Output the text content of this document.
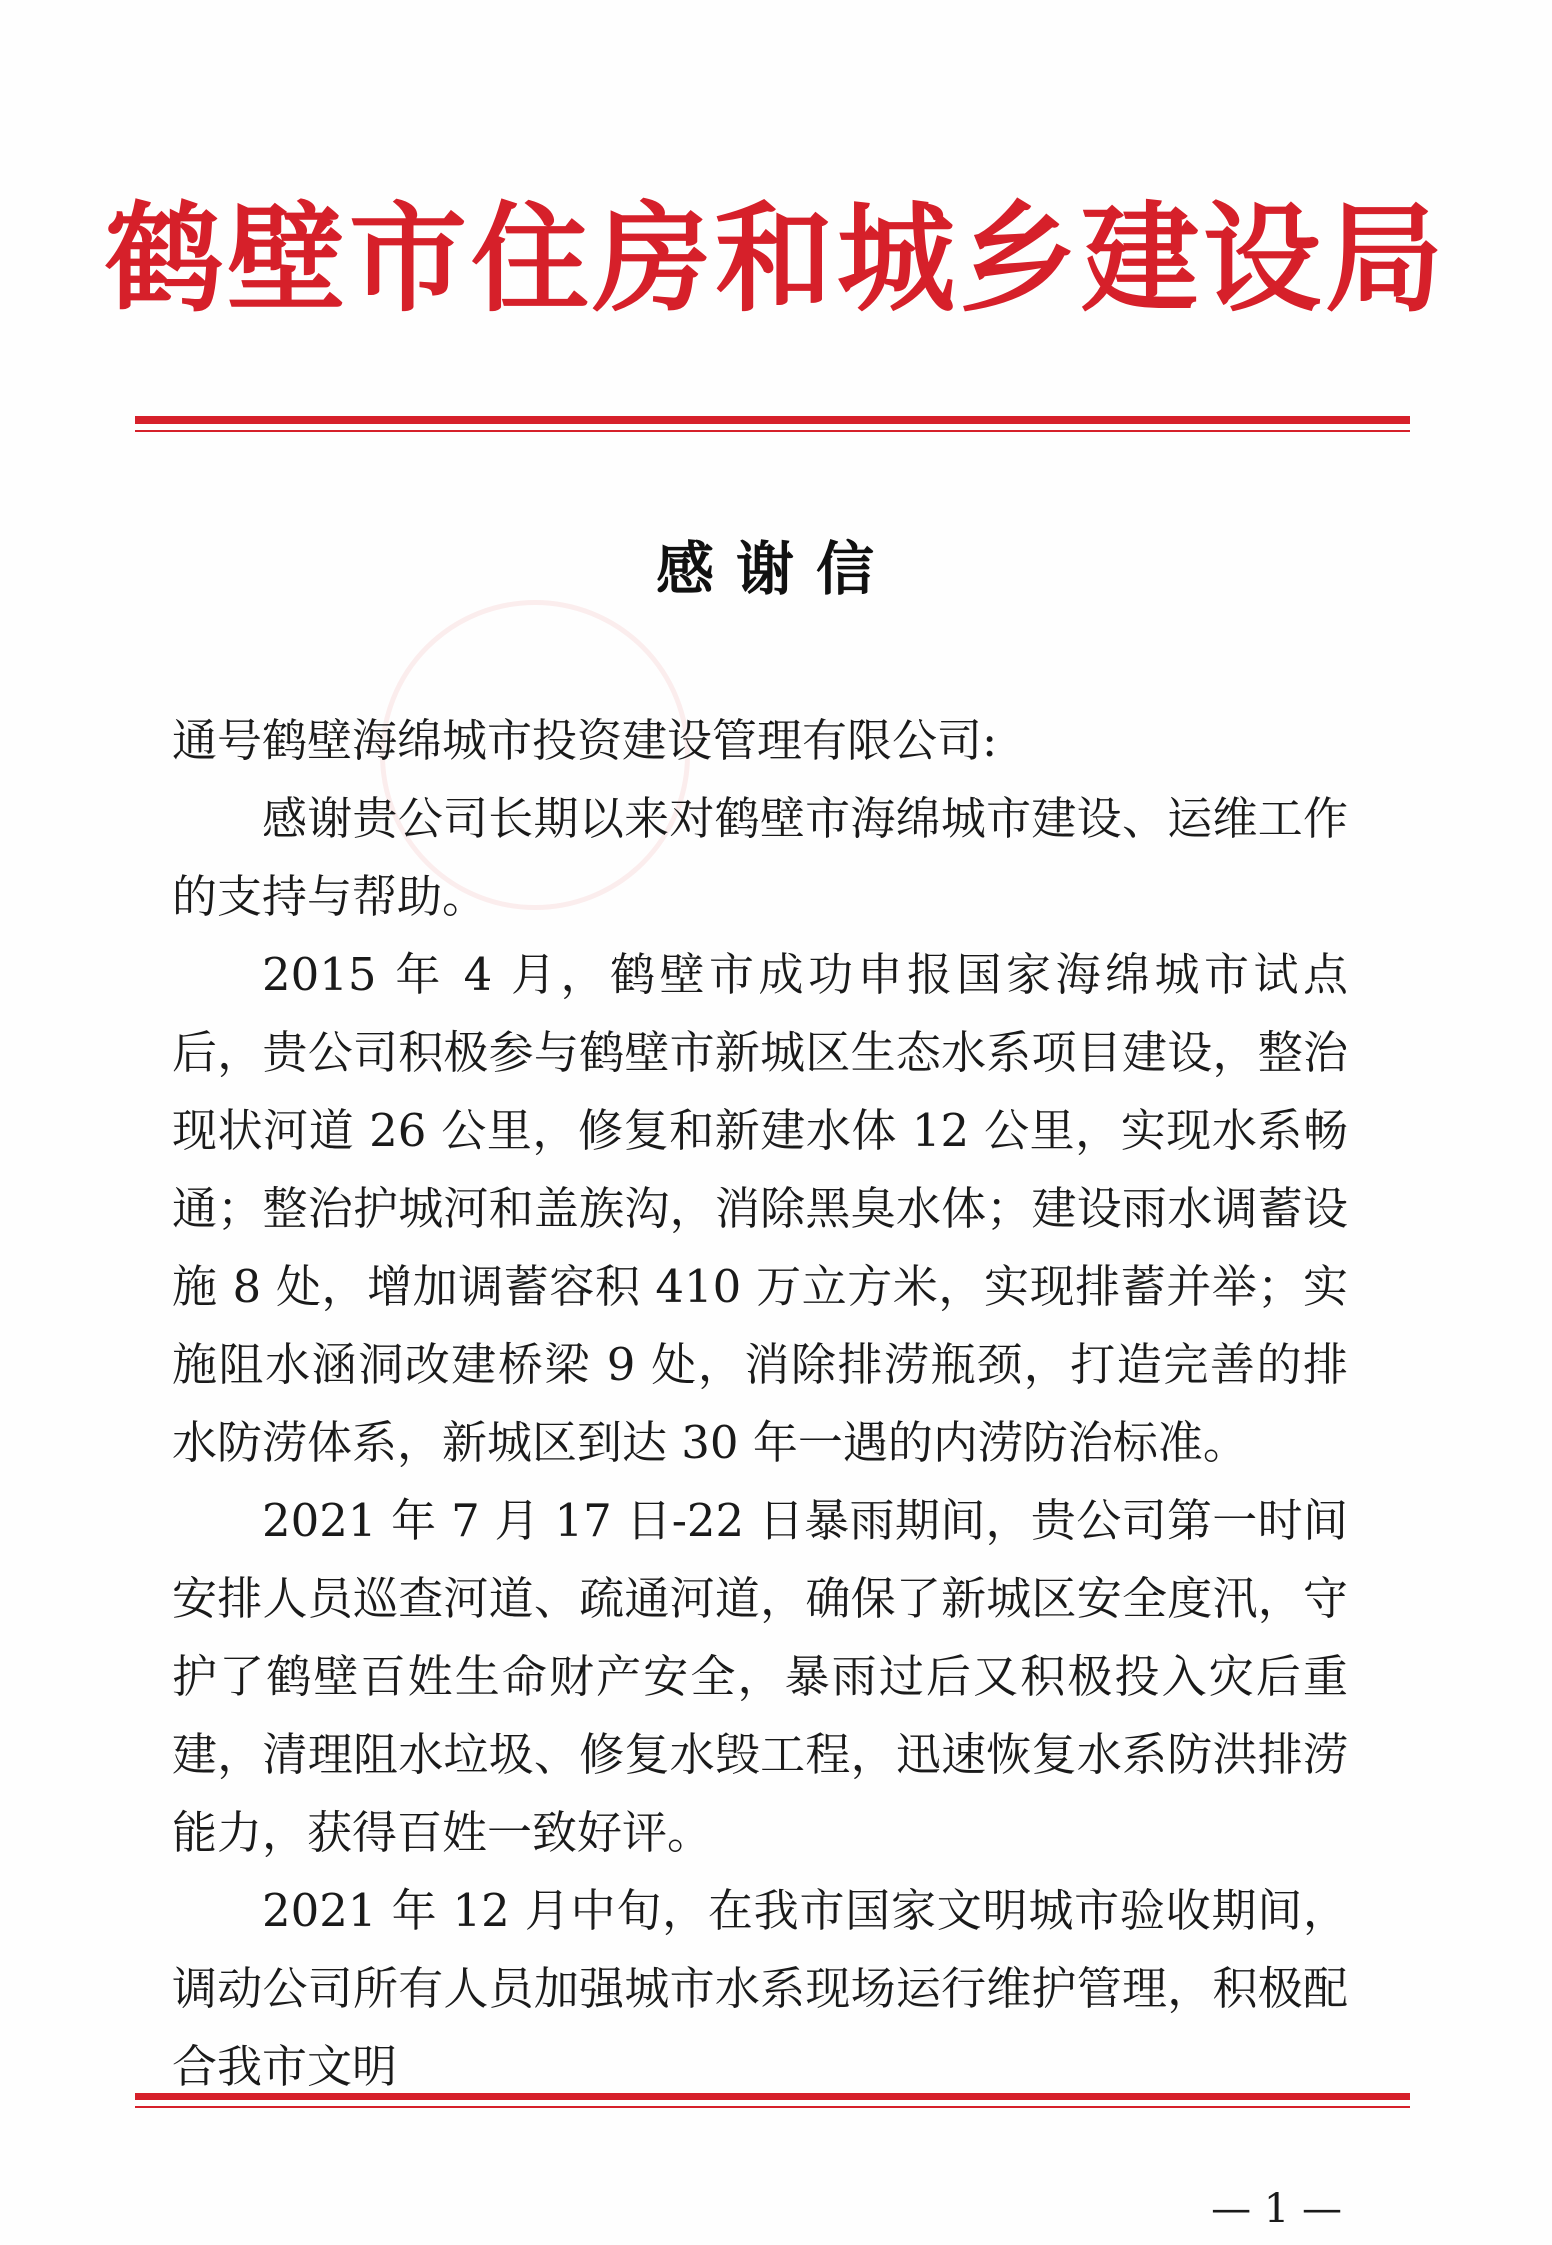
鹤壁市住房和城乡建设局
感谢信

通号鹤壁海绵城市投资建设管理有限公司:

感谢贵公司长期以来对鹤壁市海绵城市建设、运维工作的支持与帮助。

2015 年 4 月，鹤壁市成功申报国家海绵城市试点后，贵公司积极参与鹤壁市新城区生态水系项目建设，整治现状河道 26 公里，修复和新建水体 12 公里，实现水系畅通；整治护城河和盖族沟，消除黑臭水体；建设雨水调蓄设施 8 处，增加调蓄容积 410 万立方米，实现排蓄并举；实施阻水涵洞改建桥梁 9 处，消除排涝瓶颈，打造完善的排水防涝体系，新城区到达 30 年一遇的内涝防治标准。

2021 年 7 月 17 日-22 日暴雨期间，贵公司第一时间安排人员巡查河道、疏通河道，确保了新城区安全度汛，守护了鹤壁百姓生命财产安全，暴雨过后又积极投入灾后重建，清理阻水垃圾、修复水毁工程，迅速恢复水系防洪排涝能力，获得百姓一致好评。

2021 年 12 月中旬，在我市国家文明城市验收期间，调动公司所有人员加强城市水系现场运行维护管理，积极配合我市文明

— 1 —
